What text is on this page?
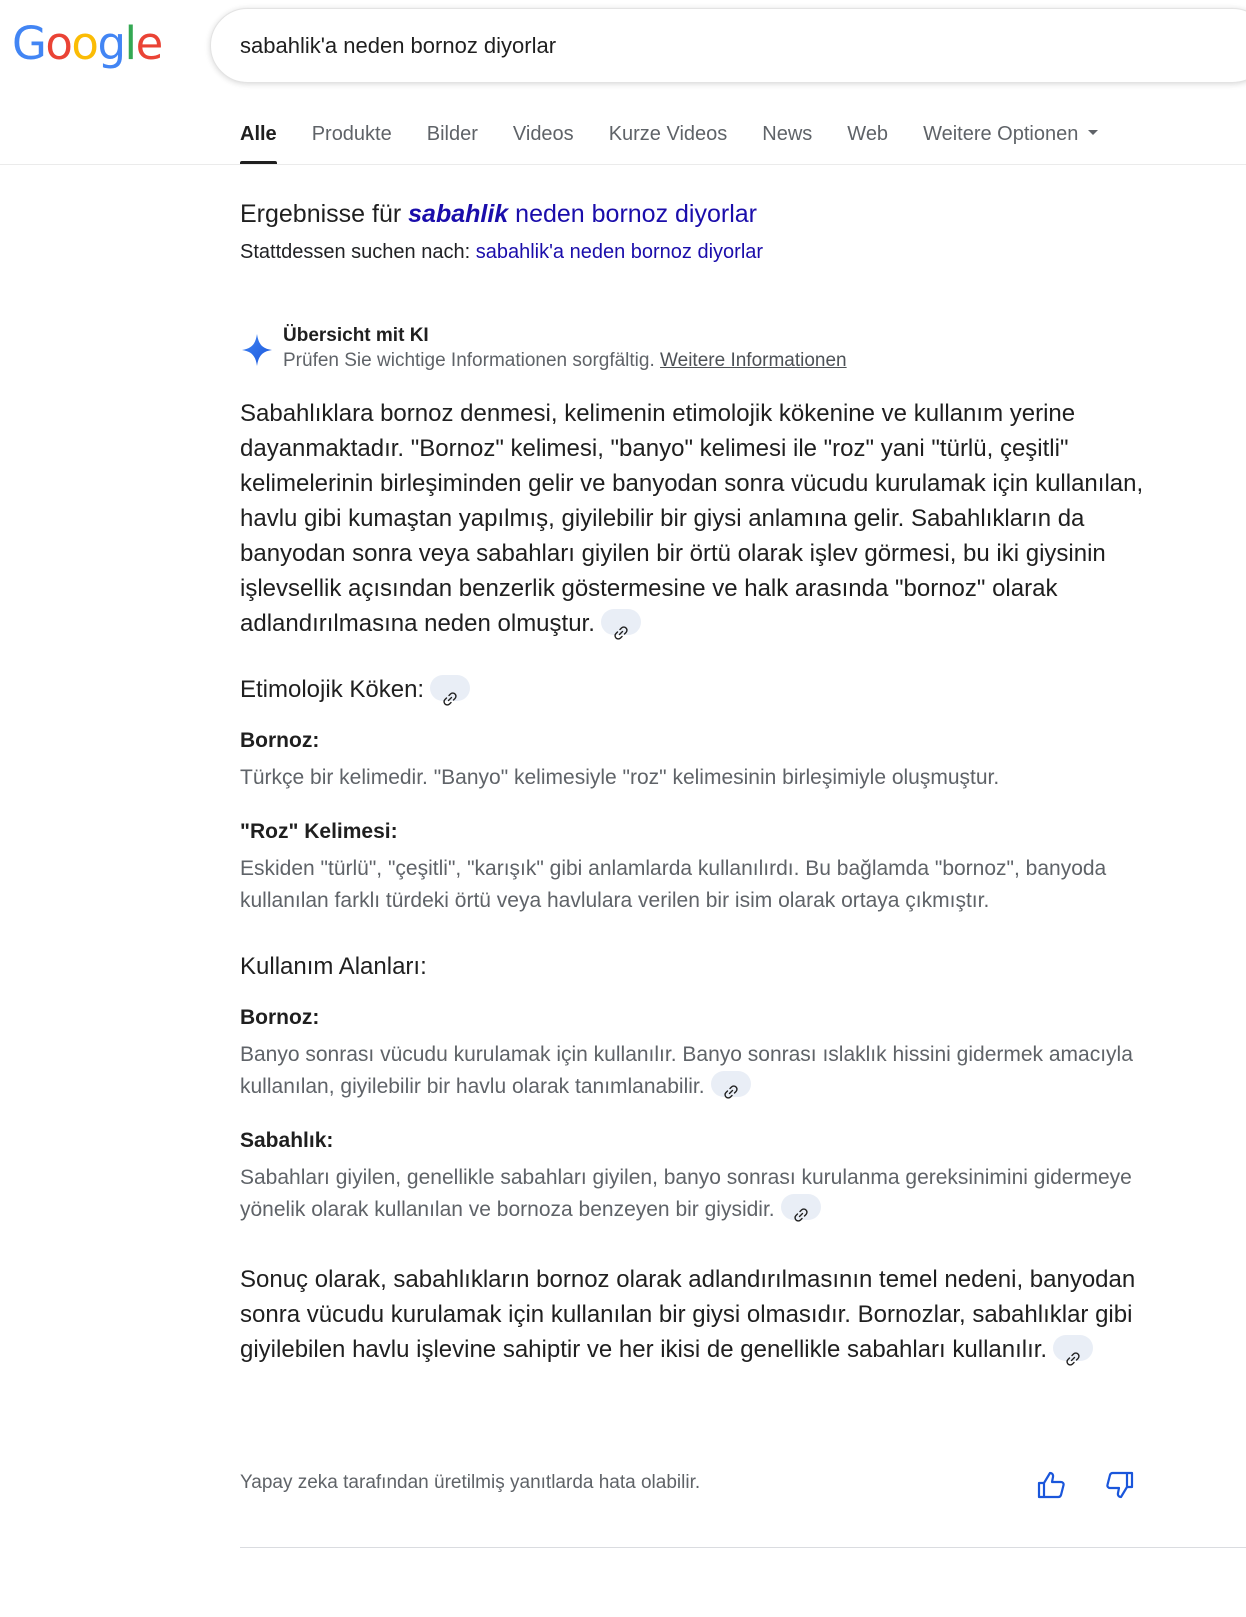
Google
sabahlik'a neden bornoz diyorlar
Alle Produkte Bilder Videos Kurze Videos News Web Weitere Optionen
Ergebnisse für sabahlik neden bornoz diyorlar
Stattdessen suchen nach: sabahlik'a neden bornoz diyorlar
Übersicht mit KI
Prüfen Sie wichtige Informationen sorgfältig. Weitere Informationen

Sabahlıklara bornoz denmesi, kelimenin etimolojik kökenine ve kullanım yerine dayanmaktadır. "Bornoz" kelimesi, "banyo" kelimesi ile "roz" yani "türlü, çeşitli" kelimelerinin birleşiminden gelir ve banyodan sonra vücudu kurulamak için kullanılan, havlu gibi kumaştan yapılmış, giyilebilir bir giysi anlamına gelir. Sabahlıkların da banyodan sonra veya sabahları giyilen bir örtü olarak işlev görmesi, bu iki giysinin işlevsellik açısından benzerlik göstermesine ve halk arasında "bornoz" olarak adlandırılmasına neden olmuştur.

Etimolojik Köken:
Bornoz:
Türkçe bir kelimedir. "Banyo" kelimesiyle "roz" kelimesinin birleşimiyle oluşmuştur.
"Roz" Kelimesi:
Eskiden "türlü", "çeşitli", "karışık" gibi anlamlarda kullanılırdı. Bu bağlamda "bornoz", banyoda kullanılan farklı türdeki örtü veya havlulara verilen bir isim olarak ortaya çıkmıştır.
Kullanım Alanları:
Bornoz:
Banyo sonrası vücudu kurulamak için kullanılır. Banyo sonrası ıslaklık hissini gidermek amacıyla kullanılan, giyilebilir bir havlu olarak tanımlanabilir.
Sabahlık:
Sabahları giyilen, genellikle sabahları giyilen, banyo sonrası kurulanma gereksinimini gidermeye yönelik olarak kullanılan ve bornoza benzeyen bir giysidir.

Sonuç olarak, sabahlıkların bornoz olarak adlandırılmasının temel nedeni, banyodan sonra vücudu kurulamak için kullanılan bir giysi olmasıdır. Bornozlar, sabahlıklar gibi giyilebilen havlu işlevine sahiptir ve her ikisi de genellikle sabahları kullanılır.

Yapay zeka tarafından üretilmiş yanıtlarda hata olabilir.
